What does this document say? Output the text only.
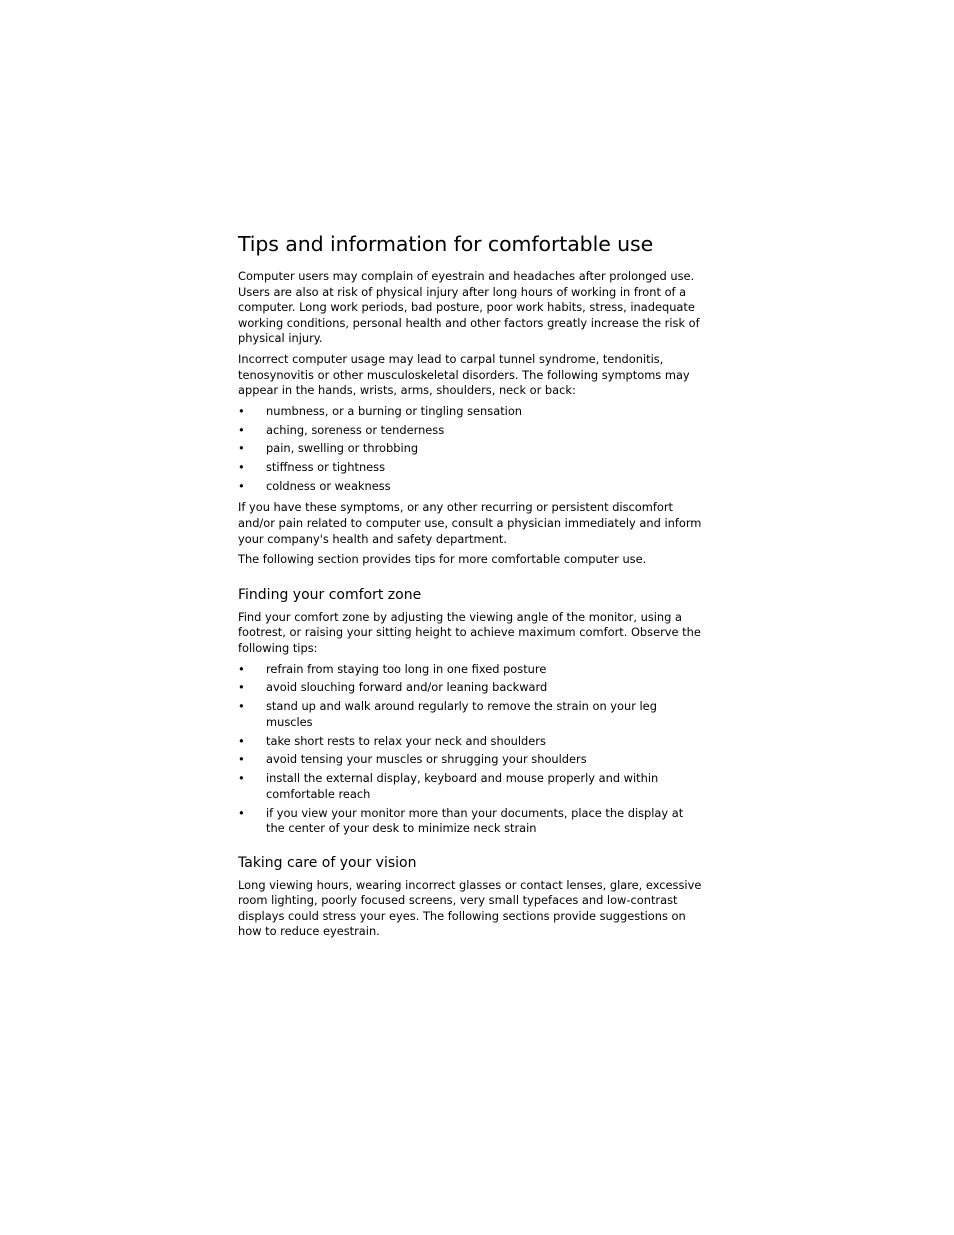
Tips and information for comfortable use

Computer users may complain of eyestrain and headaches after prolonged use. Users are also at risk of physical injury after long hours of working in front of a computer. Long work periods, bad posture, poor work habits, stress, inadequate working conditions, personal health and other factors greatly increase the risk of physical injury.

Incorrect computer usage may lead to carpal tunnel syndrome, tendonitis, tenosynovitis or other musculoskeletal disorders. The following symptoms may appear in the hands, wrists, arms, shoulders, neck or back:

• numbness, or a burning or tingling sensation
• aching, soreness or tenderness
• pain, swelling or throbbing
• stiffness or tightness
• coldness or weakness

If you have these symptoms, or any other recurring or persistent discomfort and/or pain related to computer use, consult a physician immediately and inform your company's health and safety department.

The following section provides tips for more comfortable computer use.

Finding your comfort zone

Find your comfort zone by adjusting the viewing angle of the monitor, using a footrest, or raising your sitting height to achieve maximum comfort. Observe the following tips:

• refrain from staying too long in one fixed posture
• avoid slouching forward and/or leaning backward
• stand up and walk around regularly to remove the strain on your leg muscles
• take short rests to relax your neck and shoulders
• avoid tensing your muscles or shrugging your shoulders
• install the external display, keyboard and mouse properly and within comfortable reach
• if you view your monitor more than your documents, place the display at the center of your desk to minimize neck strain
Taking care of your vision

Long viewing hours, wearing incorrect glasses or contact lenses, glare, excessive room lighting, poorly focused screens, very small typefaces and low-contrast displays could stress your eyes. The following sections provide suggestions on how to reduce eyestrain.
